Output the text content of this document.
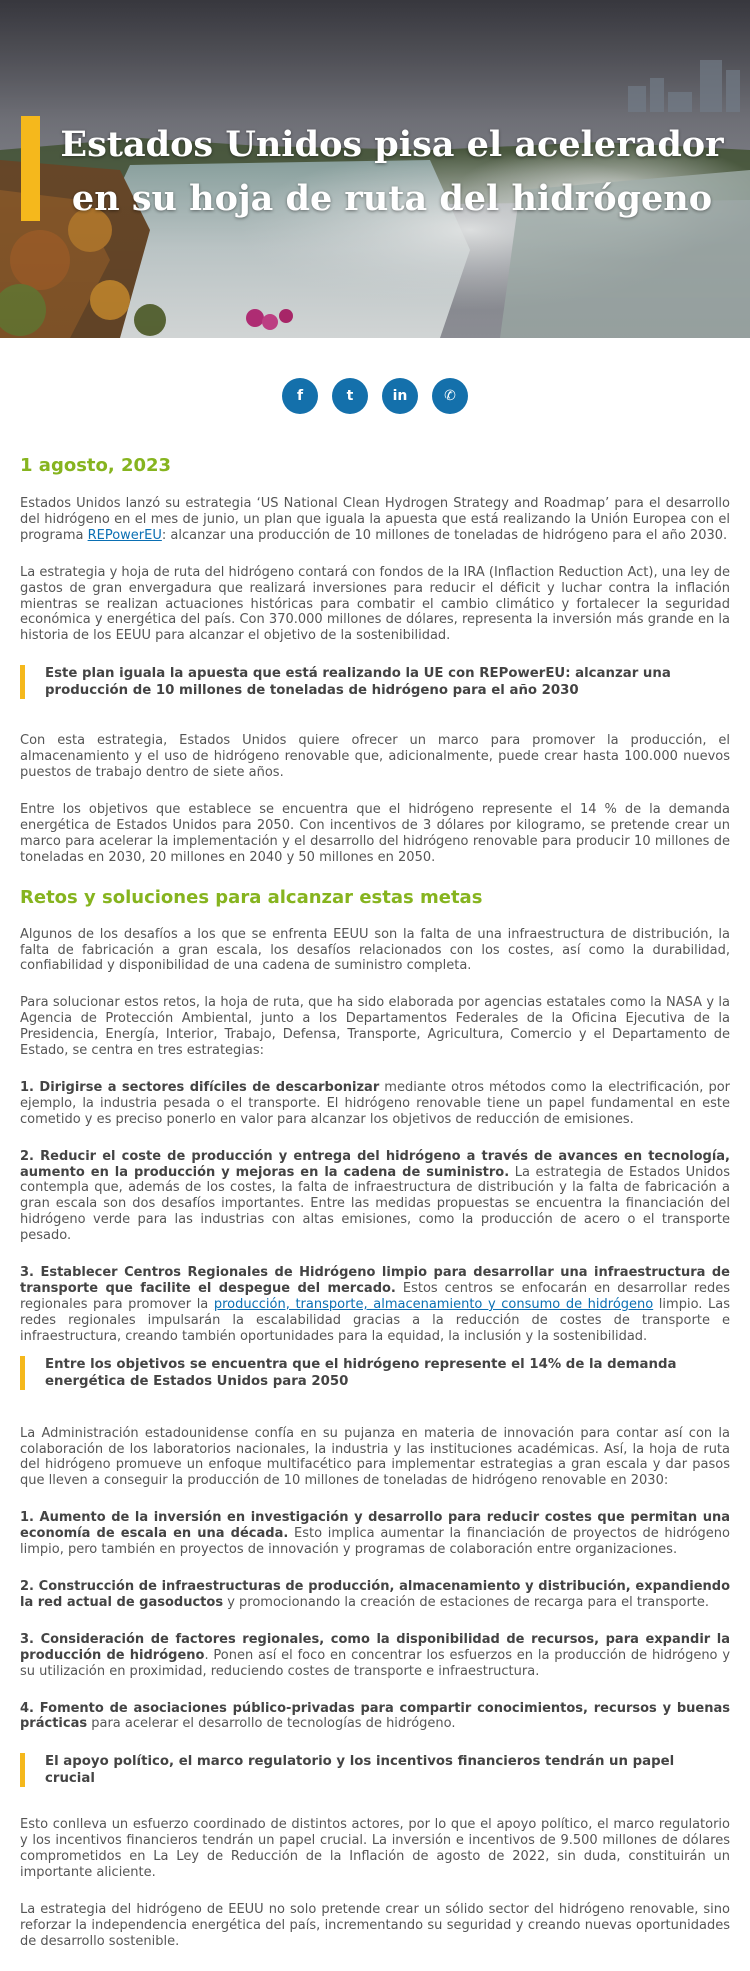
Estados Unidos pisa el acelerador en su hoja de ruta del hidrógeno
f	t	in	✆
1 agosto, 2023

Estados Unidos lanzó su estrategia ‘US National Clean Hydrogen Strategy and Roadmap’ para el desarrollo del hidrógeno en el mes de junio, un plan que iguala la apuesta que está realizando la Unión Europea con el programa REPowerEU: alcanzar una producción de 10 millones de toneladas de hidrógeno para el año 2030.

La estrategia y hoja de ruta del hidrógeno contará con fondos de la IRA (Inflaction Reduction Act), una ley de gastos de gran envergadura que realizará inversiones para reducir el déficit y luchar contra la inflación mientras se realizan actuaciones históricas para combatir el cambio climático y fortalecer la seguridad económica y energética del país. Con 370.000 millones de dólares, representa la inversión más grande en la historia de los EEUU para alcanzar el objetivo de la sostenibilidad.

Este plan iguala la apuesta que está realizando la UE con REPowerEU: alcanzar una producción de 10 millones de toneladas de hidrógeno para el año 2030

Con esta estrategia, Estados Unidos quiere ofrecer un marco para promover la producción, el almacenamiento y el uso de hidrógeno renovable que, adicionalmente, puede crear hasta 100.000 nuevos puestos de trabajo dentro de siete años.

Entre los objetivos que establece se encuentra que el hidrógeno represente el 14 % de la demanda energética de Estados Unidos para 2050. Con incentivos de 3 dólares por kilogramo, se pretende crear un marco para acelerar la implementación y el desarrollo del hidrógeno renovable para producir 10 millones de toneladas en 2030, 20 millones en 2040 y 50 millones en 2050.

Retos y soluciones para alcanzar estas metas

Algunos de los desafíos a los que se enfrenta EEUU son la falta de una infraestructura de distribución, la falta de fabricación a gran escala, los desafíos relacionados con los costes, así como la durabilidad, confiabilidad y disponibilidad de una cadena de suministro completa.

Para solucionar estos retos, la hoja de ruta, que ha sido elaborada por agencias estatales como la NASA y la Agencia de Protección Ambiental, junto a los Departamentos Federales de la Oficina Ejecutiva de la Presidencia, Energía, Interior, Trabajo, Defensa, Transporte, Agricultura, Comercio y el Departamento de Estado, se centra en tres estrategias:

1. Dirigirse a sectores difíciles de descarbonizar mediante otros métodos como la electrificación, por ejemplo, la industria pesada o el transporte. El hidrógeno renovable tiene un papel fundamental en este cometido y es preciso ponerlo en valor para alcanzar los objetivos de reducción de emisiones.

2. Reducir el coste de producción y entrega del hidrógeno a través de avances en tecnología, aumento en la producción y mejoras en la cadena de suministro. La estrategia de Estados Unidos contempla que, además de los costes, la falta de infraestructura de distribución y la falta de fabricación a gran escala son dos desafíos importantes. Entre las medidas propuestas se encuentra la financiación del hidrógeno verde para las industrias con altas emisiones, como la producción de acero o el transporte pesado.

3. Establecer Centros Regionales de Hidrógeno limpio para desarrollar una infraestructura de transporte que facilite el despegue del mercado. Estos centros se enfocarán en desarrollar redes regionales para promover la producción, transporte, almacenamiento y consumo de hidrógeno limpio. Las redes regionales impulsarán la escalabilidad gracias a la reducción de costes de transporte e infraestructura, creando también oportunidades para la equidad, la inclusión y la sostenibilidad.

Entre los objetivos se encuentra que el hidrógeno represente el 14% de la demanda energética de Estados Unidos para 2050

La Administración estadounidense confía en su pujanza en materia de innovación para contar así con la colaboración de los laboratorios nacionales, la industria y las instituciones académicas. Así, la hoja de ruta del hidrógeno promueve un enfoque multifacético para implementar estrategias a gran escala y dar pasos que lleven a conseguir la producción de 10 millones de toneladas de hidrógeno renovable en 2030:

1. Aumento de la inversión en investigación y desarrollo para reducir costes que permitan una economía de escala en una década. Esto implica aumentar la financiación de proyectos de hidrógeno limpio, pero también en proyectos de innovación y programas de colaboración entre organizaciones.

2. Construcción de infraestructuras de producción, almacenamiento y distribución, expandiendo la red actual de gasoductos y promocionando la creación de estaciones de recarga para el transporte.

3. Consideración de factores regionales, como la disponibilidad de recursos, para expandir la producción de hidrógeno. Ponen así el foco en concentrar los esfuerzos en la producción de hidrógeno y su utilización en proximidad, reduciendo costes de transporte e infraestructura.

4. Fomento de asociaciones público-privadas para compartir conocimientos, recursos y buenas prácticas para acelerar el desarrollo de tecnologías de hidrógeno.

El apoyo político, el marco regulatorio y los incentivos financieros tendrán un papel crucial

Esto conlleva un esfuerzo coordinado de distintos actores, por lo que el apoyo político, el marco regulatorio y los incentivos financieros tendrán un papel crucial. La inversión e incentivos de 9.500 millones de dólares comprometidos en La Ley de Reducción de la Inflación de agosto de 2022, sin duda, constituirán un importante aliciente.

La estrategia del hidrógeno de EEUU no solo pretende crear un sólido sector del hidrógeno renovable, sino reforzar la independencia energética del país, incrementando su seguridad y creando nuevas oportunidades de desarrollo sostenible.
